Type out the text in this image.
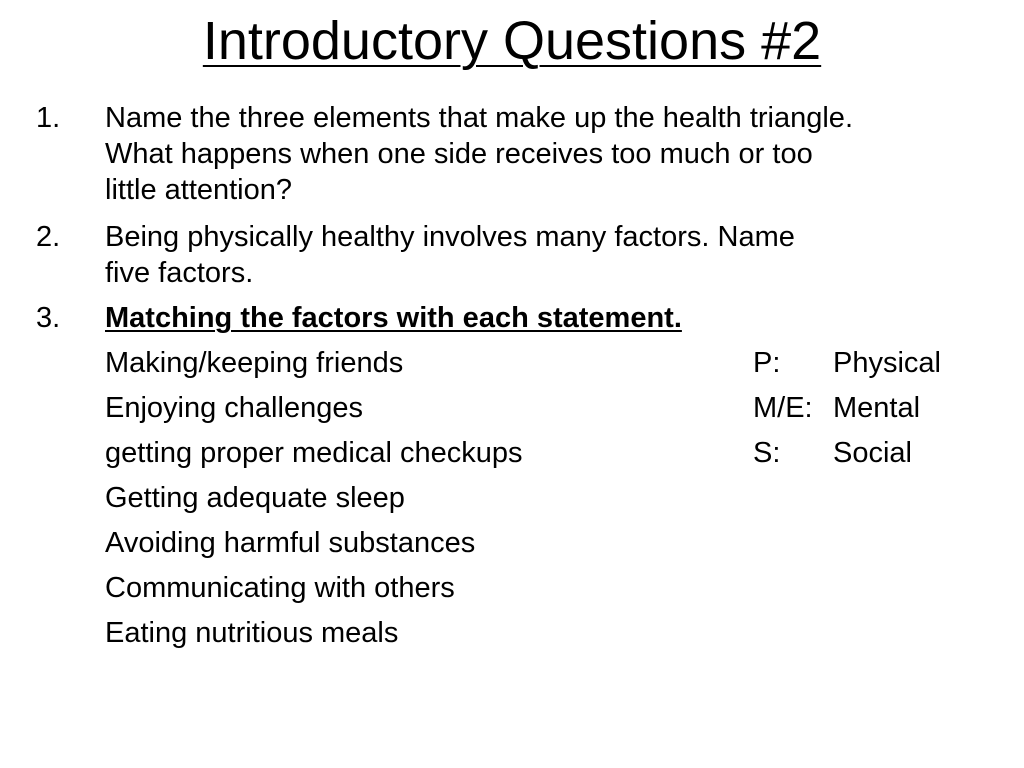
Introductory Questions #2
1. Name the three elements that make up the health triangle.
What happens when one side receives too much or too
little attention?
2. Being physically healthy involves many factors. Name
five factors.
3. Matching the factors with each statement.
Making/keeping friends	P: Physical
Enjoying challenges	M/E: Mental
getting proper medical checkups	S: Social
Getting adequate sleep
Avoiding harmful substances
Communicating with others
Eating nutritious meals
